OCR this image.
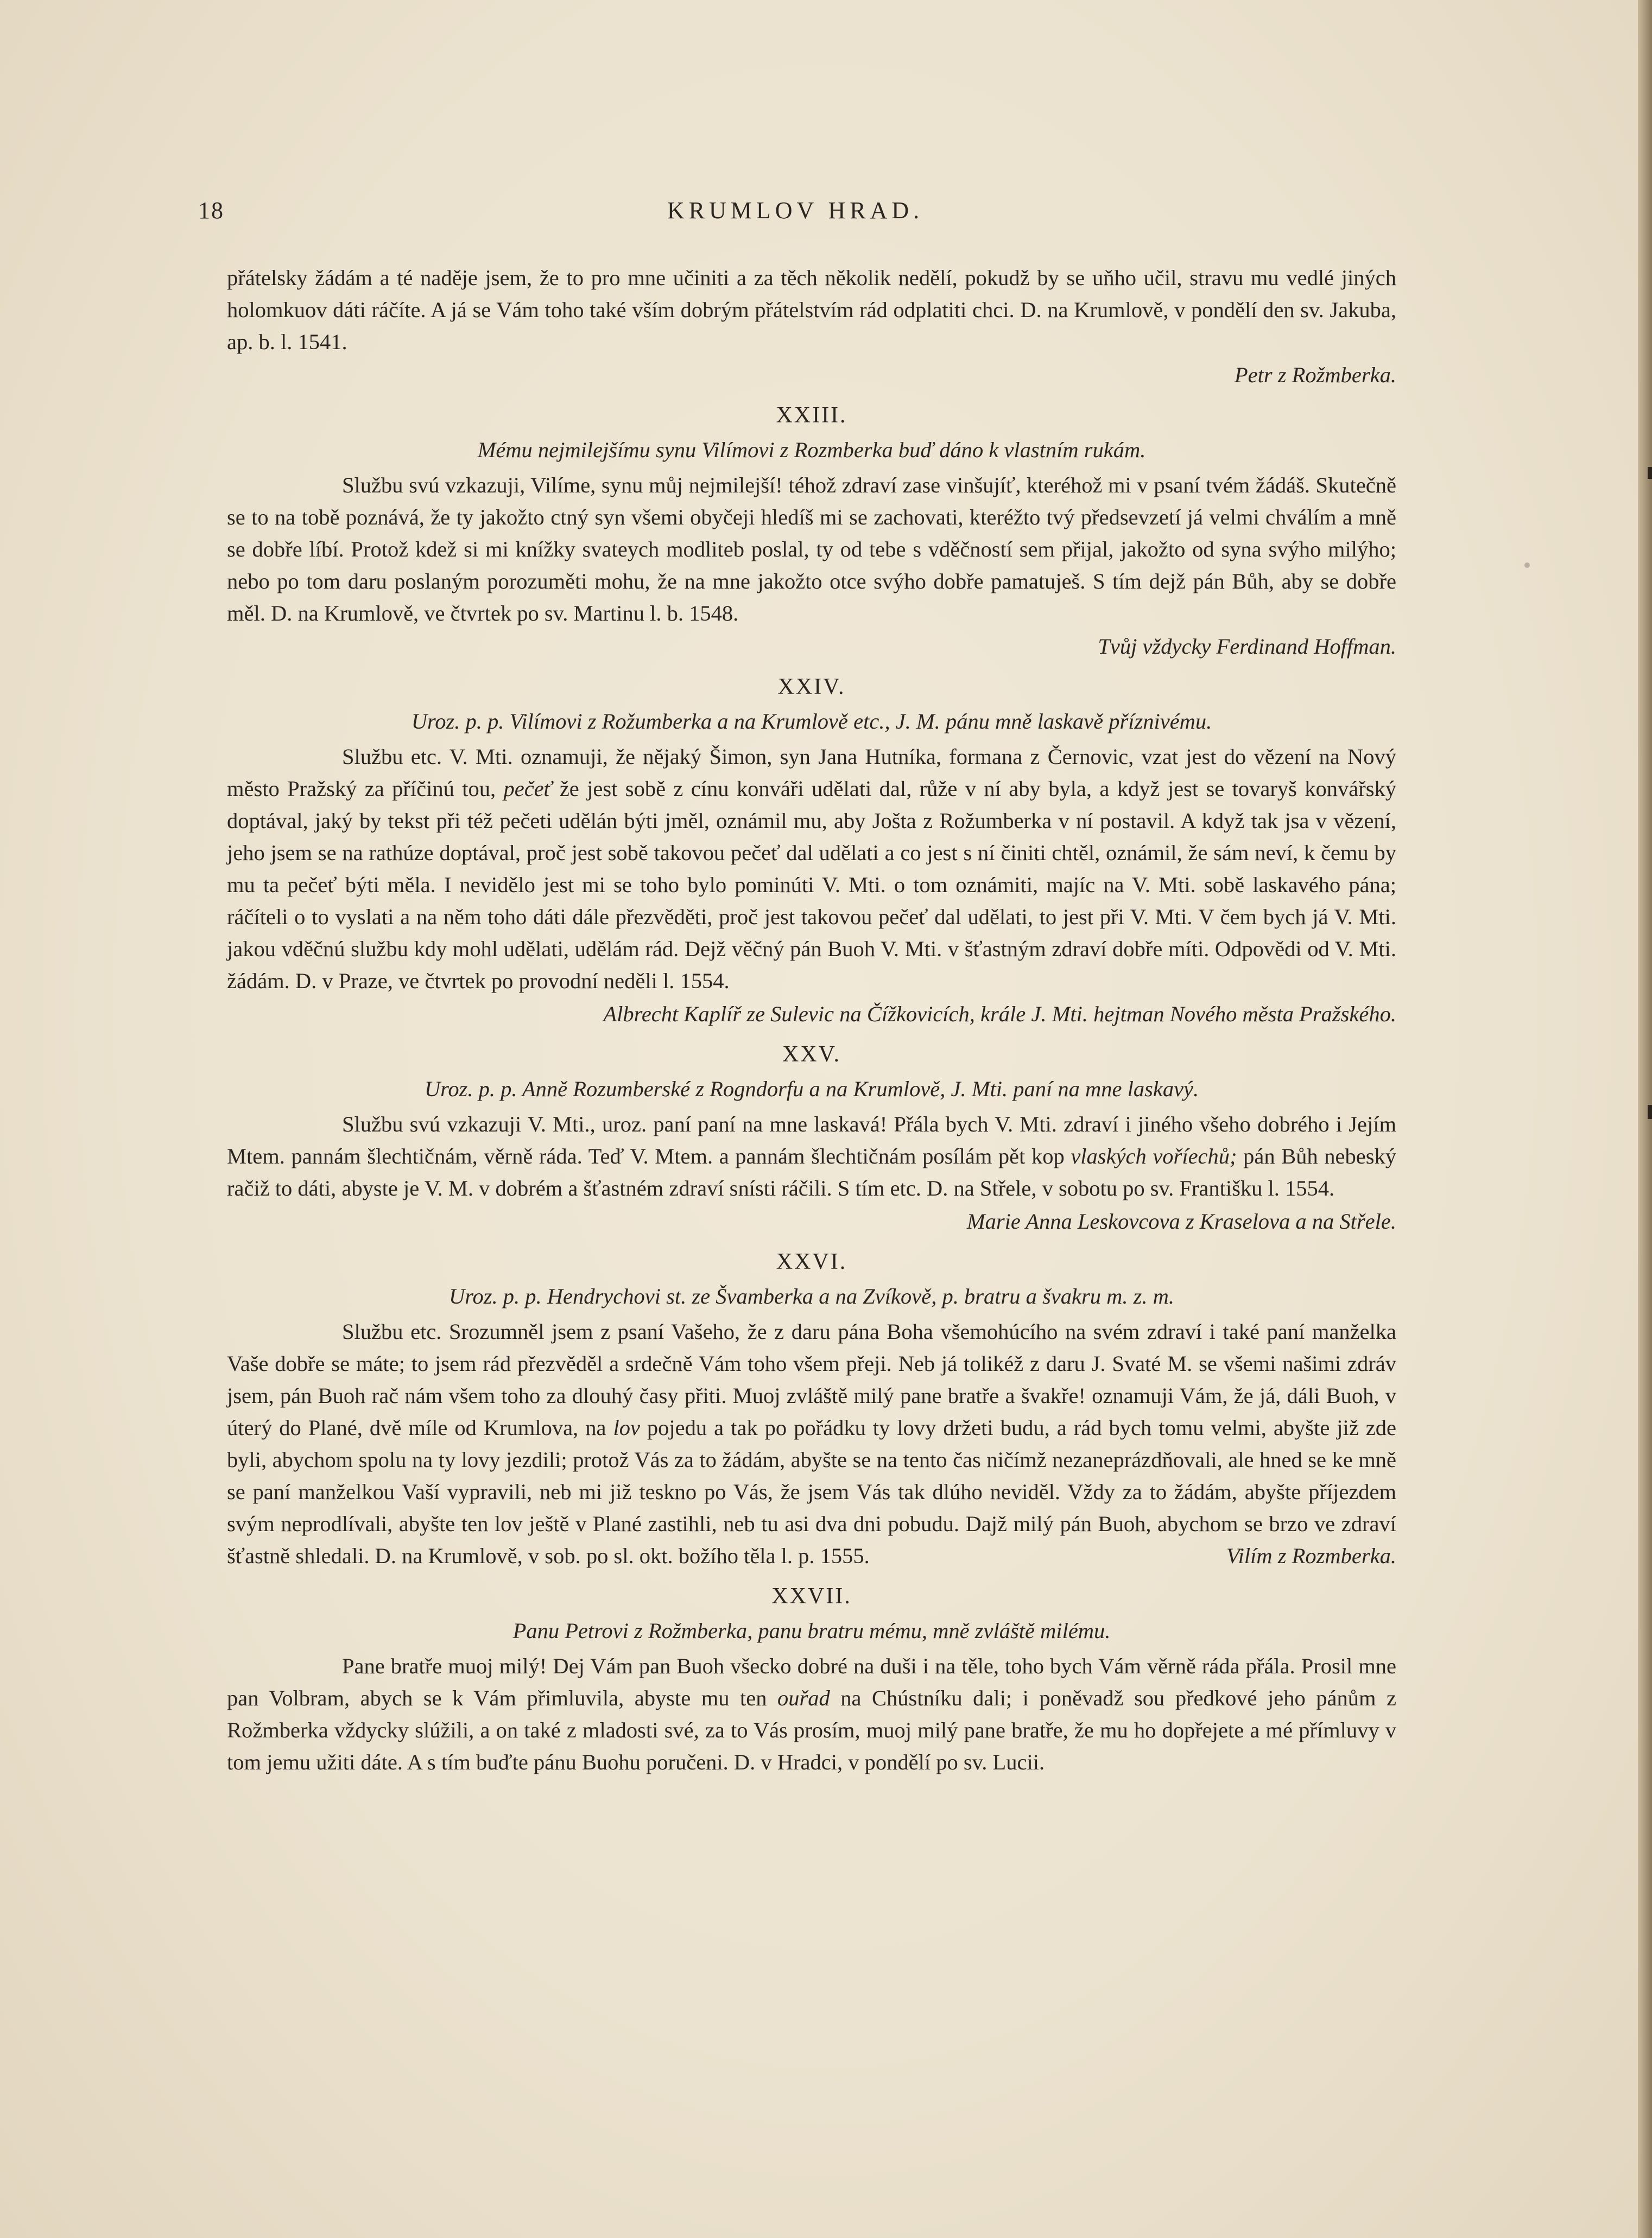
18	KRUMLOV HRAD.

přátelsky žádám a té naděje jsem, že to pro mne učiniti a za těch několik nedělí, pokudž by se uňho učil, stravu mu vedlé jiných holomkuov dáti ráčíte. A já se Vám toho také vším dobrým přátelstvím rád odplatiti chci. D. na Krumlově, v pondělí den sv. Jakuba, ap. b. l. 1541.

Petr z Rožmberka.
XXIII.
Mému nejmilejšímu synu Vilímovi z Rozmberka buď dáno k vlastním rukám.

Službu svú vzkazuji, Vilíme, synu můj nejmilejší! téhož zdraví zase vinšujíť, kteréhož mi v psaní tvém žádáš. Skutečně se to na tobě poznává, že ty jakožto ctný syn všemi obyčeji hledíš mi se zachovati, kteréžto tvý předsevzetí já velmi chválím a mně se dobře líbí. Protož kdež si mi knížky svateych modliteb poslal, ty od tebe s vděčností sem přijal, jakožto od syna svýho milýho; nebo po tom daru poslaným porozuměti mohu, že na mne jakožto otce svýho dobře pamatuješ. S tím dejž pán Bůh, aby se dobře měl. D. na Krumlově, ve čtvrtek po sv. Martinu l. b. 1548.

Tvůj vždycky Ferdinand Hoffman.
XXIV.
Uroz. p. p. Vilímovi z Rožumberka a na Krumlově etc., J. M. pánu mně laskavě příznivému.

Službu etc. V. Mti. oznamuji, že nějaký Šimon, syn Jana Hutníka, formana z Černovic, vzat jest do vězení na Nový město Pražský za příčinú tou, pečeť že jest sobě z cínu konváři udělati dal, růže v ní aby byla, a když jest se tovaryš konvářský doptával, jaký by tekst při též pečeti udělán býti jměl, oznámil mu, aby Jošta z Rožumberka v ní postavil. A když tak jsa v vězení, jeho jsem se na rathúze doptával, proč jest sobě takovou pečeť dal udělati a co jest s ní činiti chtěl, oznámil, že sám neví, k čemu by mu ta pečeť býti měla. I nevidělo jest mi se toho bylo pominúti V. Mti. o tom oznámiti, majíc na V. Mti. sobě laskavého pána; ráčíteli o to vyslati a na něm toho dáti dále přezvěděti, proč jest takovou pečeť dal udělati, to jest při V. Mti. V čem bych já V. Mti. jakou vděčnú službu kdy mohl udělati, udělám rád. Dejž věčný pán Buoh V. Mti. v šťastným zdraví dobře míti. Odpovědi od V. Mti. žádám. D. v Praze, ve čtvrtek po provodní neděli l. 1554.

Albrecht Kaplíř ze Sulevic na Čížkovicích, krále J. Mti. hejtman Nového města Pražského.
XXV.
Uroz. p. p. Anně Rozumberské z Rogndorfu a na Krumlově, J. Mti. paní na mne laskavý.

Službu svú vzkazuji V. Mti., uroz. paní paní na mne laskavá! Přála bych V. Mti. zdraví i jiného všeho dobrého i Jejím Mtem. pannám šlechtičnám, věrně ráda. Teď V. Mtem. a pannám šlechtičnám posílám pět kop vlaských voříechů; pán Bůh nebeský račiž to dáti, abyste je V. M. v dobrém a šťastném zdraví snísti ráčili. S tím etc. D. na Střele, v sobotu po sv. Františku l. 1554.

Marie Anna Leskovcova z Kraselova a na Střele.
XXVI.
Uroz. p. p. Hendrychovi st. ze Švamberka a na Zvíkově, p. bratru a švakru m. z. m.

Službu etc. Srozumněl jsem z psaní Vašeho, že z daru pána Boha všemohúcího na svém zdraví i také paní manželka Vaše dobře se máte; to jsem rád přezvěděl a srdečně Vám toho všem přeji. Neb já tolikéž z daru J. Svaté M. se všemi našimi zdráv jsem, pán Buoh rač nám všem toho za dlouhý časy přiti. Muoj zvláště milý pane bratře a švakře! oznamuji Vám, že já, dáli Buoh, v úterý do Plané, dvě míle od Krumlova, na lov pojedu a tak po pořádku ty lovy držeti budu, a rád bych tomu velmi, abyšte již zde byli, abychom spolu na ty lovy jezdili; protož Vás za to žádám, abyšte se na tento čas ničímž nezaneprázdňovali, ale hned se ke mně se paní manželkou Vaší vypravili, neb mi již teskno po Vás, že jsem Vás tak dlúho neviděl. Vždy za to žádám, abyšte příjezdem svým neprodlívali, abyšte ten lov ještě v Plané zastihli, neb tu asi dva dni pobudu. Dajž milý pán Buoh, abychom se brzo ve zdraví šťastně shledali. D. na Krumlově, v sob. po sl. okt. božího těla l. p. 1555.	Vilím z Rozmberka.

XXVII.
Panu Petrovi z Rožmberka, panu bratru mému, mně zvláště milému.

Pane bratře muoj milý! Dej Vám pan Buoh všecko dobré na duši i na těle, toho bych Vám věrně ráda přála. Prosil mne pan Volbram, abych se k Vám přimluvila, abyste mu ten ouřad na Chústníku dali; i poněvadž sou předkové jeho pánům z Rožmberka vždycky slúžili, a on také z mladosti své, za to Vás prosím, muoj milý pane bratře, že mu ho dopřejete a mé přímluvy v tom jemu užiti dáte. A s tím buďte pánu Buohu poručeni. D. v Hradci, v pondělí po sv. Lucii.
